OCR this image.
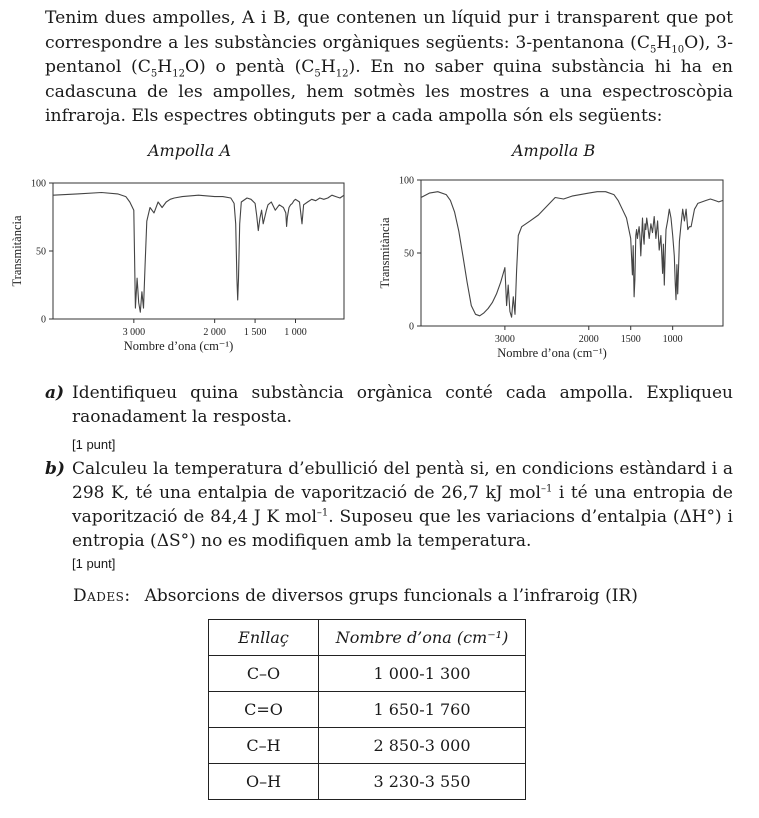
Tenim dues ampolles, A i B, que contenen un líquid pur i transparent que pot correspondre a les substàncies orgàniques següents: 3-pentanona $(C_5H_{10}O)$, 3-pentanol $(C_5H_{12}O)$ o pentà $(C_5H_{12})$. En no saber quina substància hi ha en cadascuna de les ampolles, hem sotmès les mostres a una espectroscòpia infraroja. Els espectres obtinguts per a cada ampolla són els següents:

Ampolla A	Ampolla B

0
50
100
3 000	2 000 1 500 1 000
Nombre d’ona (cm⁻¹)
Transmitància
0
50
100
3000	2000 1500 1000
Nombre d’ona (cm⁻¹)
Transmitància
a) Identifiqueu quina substància orgànica conté cada ampolla. Expliqueu raonadament la resposta.

[1 punt]

b) Calculeu la temperatura d’ebullició del pentà si, en condicions estàndard i a 298 K, té una entalpia de vaporització de 26,7 kJ mol$^{-1}$ i té una entropia de vaporització de 84,4 J K mol$^{-1}$. Suposeu que les variacions d’entalpia (ΔH°) i entropia (ΔS°) no es modifiquen amb la temperatura.

[1 punt]

Dades: Absorcions de diversos grups funcionals a l’infraroig (IR)

Enllaç	Nombre d’ona (cm⁻¹)
C–O	1 000-1 300
C=O	1 650-1 760
C–H	2 850-3 000
O–H	3 230-3 550
